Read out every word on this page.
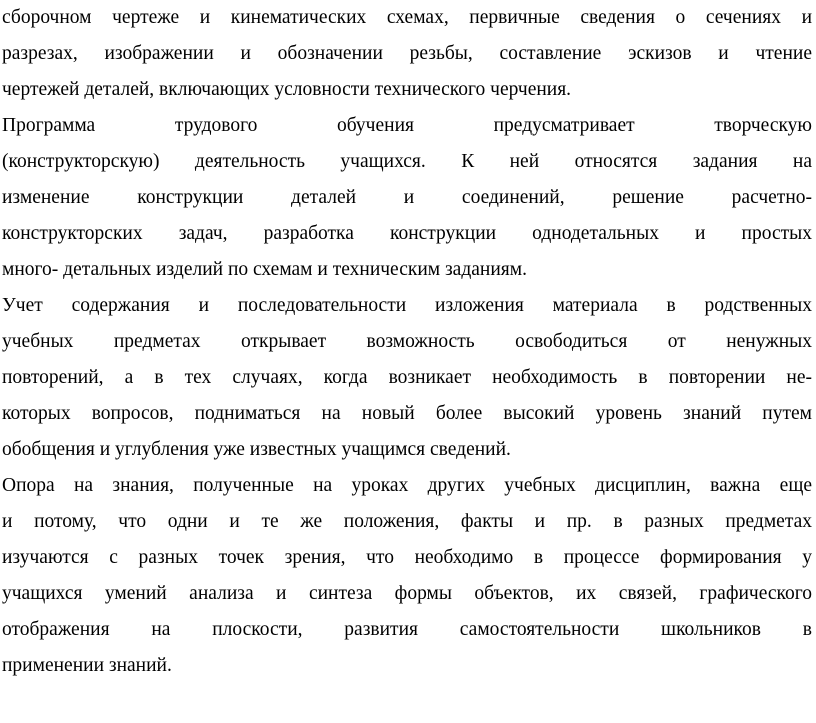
сборочном чертеже и кинематических схемах, первичные сведения о сечениях и
разрезах, изображении и обозначении резьбы, составление эскизов и чтение
чертежей деталей, включающих условности технического черчения.
Программа трудового обучения предусматривает творческую
(конструкторскую) деятельность учащихся. К ней относятся задания на
изменение конструкции деталей и соединений, решение расчетно-
конструкторских задач, разработка конструкции однодетальных и простых
много- детальных изделий по схемам и техническим заданиям.
Учет содержания и последовательности изложения материала в родственных
учебных предметах открывает возможность освободиться от ненужных
повторений, а в тех случаях, когда возникает необходимость в повторении не-
которых вопросов, подниматься на новый более высокий уровень знаний путем
обобщения и углубления уже известных учащимся сведений.
Опора на знания, полученные на уроках других учебных дисциплин, важна еще
и потому, что одни и те же положения, факты и пр. в разных предметах
изучаются с разных точек зрения, что необходимо в процессе формирования у
учащихся умений анализа и синтеза формы объектов, их связей, графического
отображения на плоскости, развития самостоятельности школьников в
применении знаний.
